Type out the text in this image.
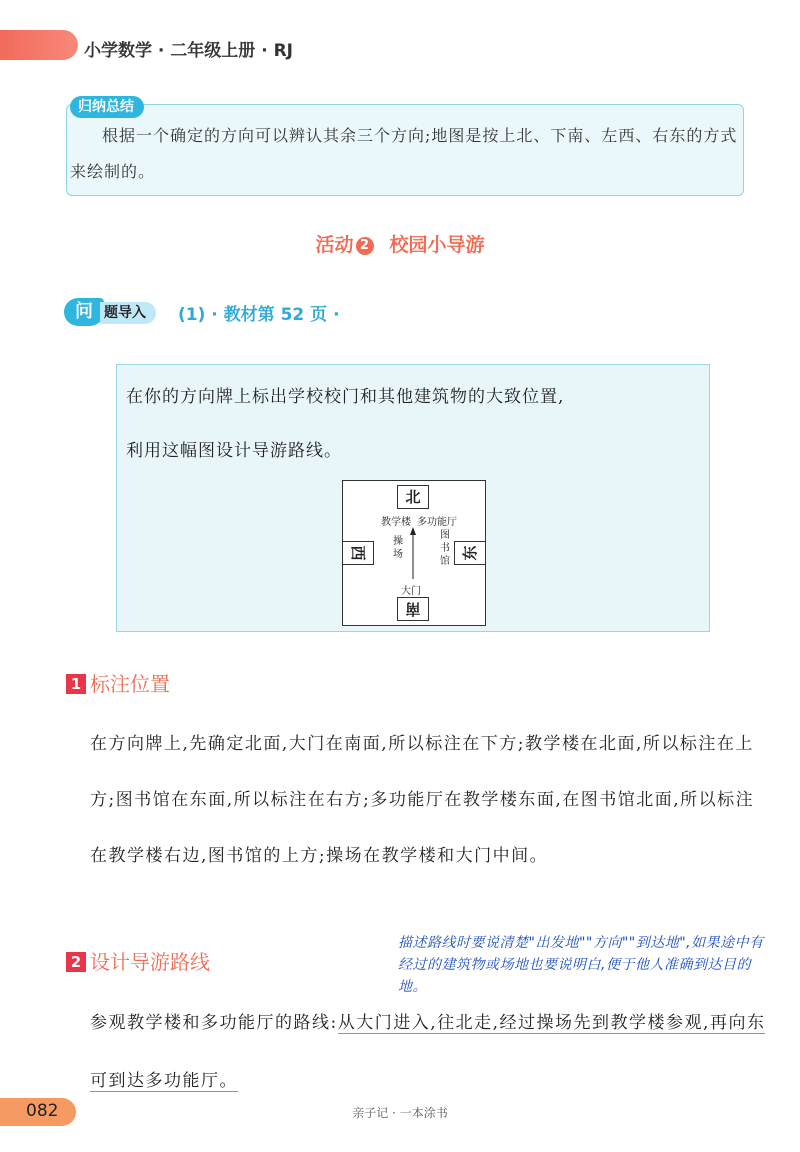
小学数学 · 二年级上册 · RJ
归纳总结
根据一个确定的方向可以辨认其余三个方向;地图是按上北、下南、左西、右东的方式来绘制的。
活动 2 校园小导游
问 题导入	(1) · 教材第 52 页 ·
在你的方向牌上标出学校校门和其他建筑物的大致位置,
利用这幅图设计导游路线。
北
南
西	东
教学楼 多功能厅
操场
图书馆
大门
1 标注位置
在方向牌上,先确定北面,大门在南面,所以标注在下方;教学楼在北面,所以标注在上方;图书馆在东面,所以标注在右方;多功能厅在教学楼东面,在图书馆北面,所以标注在教学楼右边,图书馆的上方;操场在教学楼和大门中间。
2 设计导游路线
描述路线时要说清楚"出发地""方向""到达地",如果途中有经过的建筑物或场地也要说明白,便于他人准确到达目的地。
参观教学楼和多功能厅的路线:从大门进入,往北走,经过操场先到教学楼参观,再向东可到达多功能厅。
082	亲子记 · 一本涂书
